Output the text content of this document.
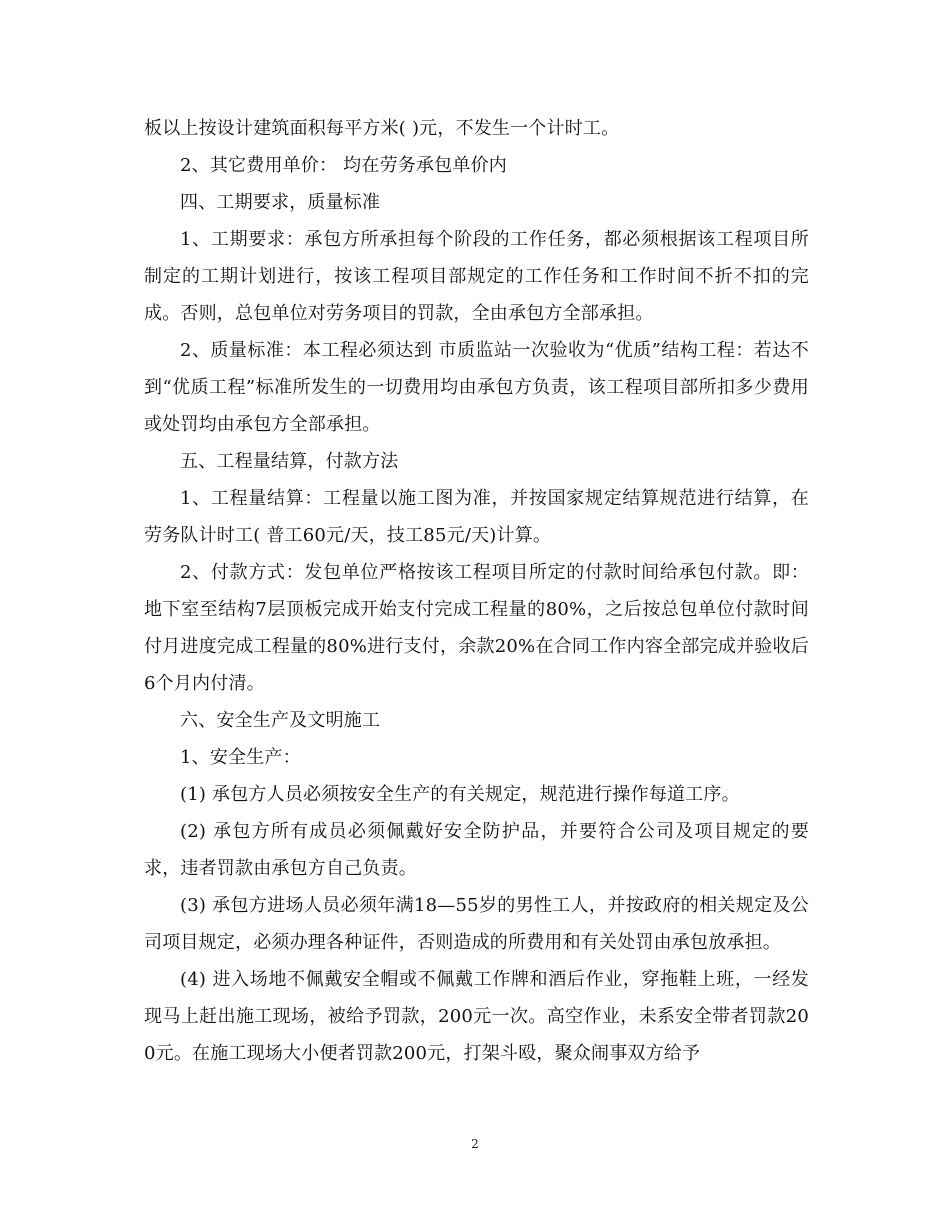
板以上按设计建筑面积每平方米( )元，不发生一个计时工。

2、其它费用单价： 均在劳务承包单价内

四、工期要求，质量标准

1、工期要求：承包方所承担每个阶段的工作任务，都必须根据该工程项目所制定的工期计划进行，按该工程项目部规定的工作任务和工作时间不折不扣的完成。否则，总包单位对劳务项目的罚款，全由承包方全部承担。

2、质量标准：本工程必须达到 市质监站一次验收为“优质”结构工程：若达不到“优质工程”标准所发生的一切费用均由承包方负责，该工程项目部所扣多少费用或处罚均由承包方全部承担。

五、工程量结算，付款方法

1、工程量结算：工程量以施工图为准，并按国家规定结算规范进行结算，在劳务队计时工( 普工60元/天，技工85元/天)计算。

2、付款方式：发包单位严格按该工程项目所定的付款时间给承包付款。即：地下室至结构7层顶板完成开始支付完成工程量的80%，之后按总包单位付款时间付月进度完成工程量的80%进行支付，余款20%在合同工作内容全部完成并验收后6个月内付清。

六、安全生产及文明施工

1、安全生产：

(1) 承包方人员必须按安全生产的有关规定，规范进行操作每道工序。

(2) 承包方所有成员必须佩戴好安全防护品，并要符合公司及项目规定的要求，违者罚款由承包方自己负责。

(3) 承包方进场人员必须年满18—55岁的男性工人，并按政府的相关规定及公司项目规定，必须办理各种证件，否则造成的所费用和有关处罚由承包放承担。

(4) 进入场地不佩戴安全帽或不佩戴工作牌和酒后作业，穿拖鞋上班，一经发现马上赶出施工现场，被给予罚款，200元一次。高空作业，未系安全带者罚款200元。在施工现场大小便者罚款200元，打架斗殴，聚众闹事双方给予

2
